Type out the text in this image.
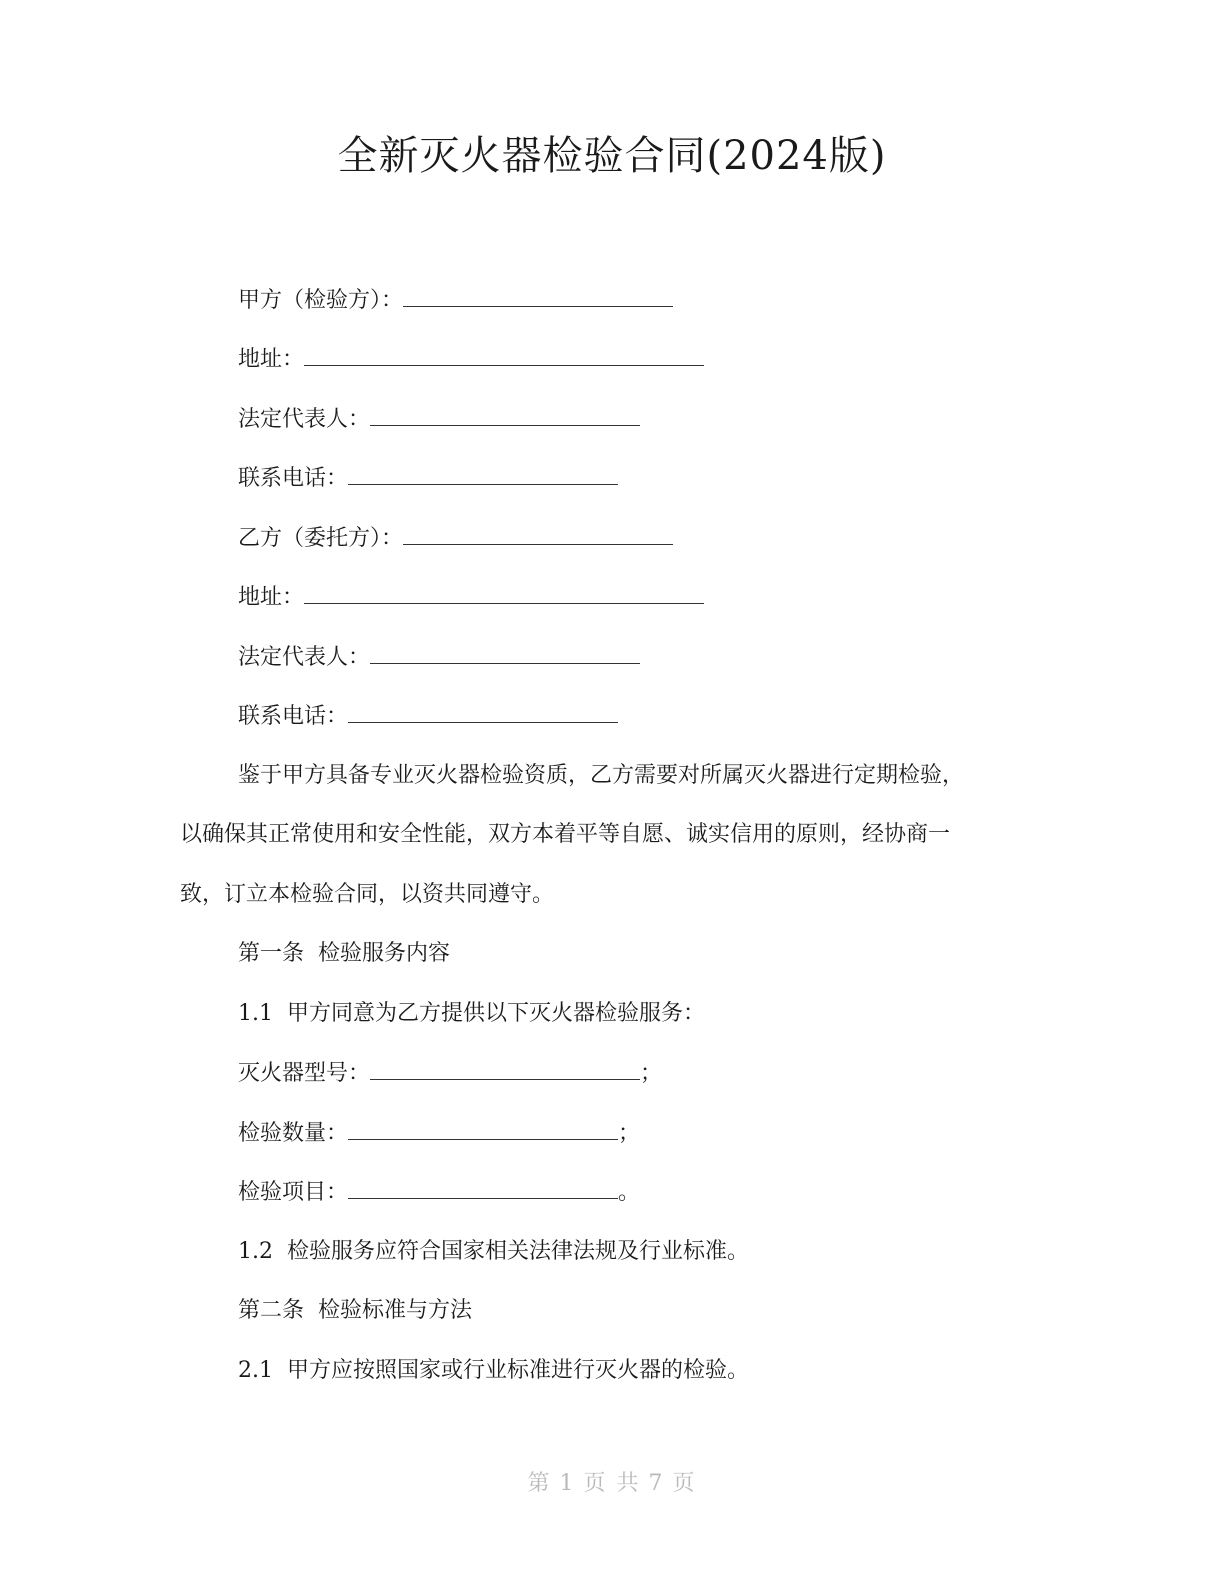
全新灭火器检验合同(2024版)
甲方（检验方）：
地址：
法定代表人：
联系电话：
乙方（委托方）：
地址：
法定代表人：
联系电话：
鉴于甲方具备专业灭火器检验资质，乙方需要对所属灭火器进行定期检验，
以确保其正常使用和安全性能，双方本着平等自愿、诚实信用的原则，经协商一
致，订立本检验合同，以资共同遵守。
第一条 检验服务内容
1.1 甲方同意为乙方提供以下灭火器检验服务：
灭火器型号：	；
检验数量：	；
检验项目：	。
1.2 检验服务应符合国家相关法律法规及行业标准。
第二条 检验标准与方法
2.1 甲方应按照国家或行业标准进行灭火器的检验。
第 1 页 共 7 页
